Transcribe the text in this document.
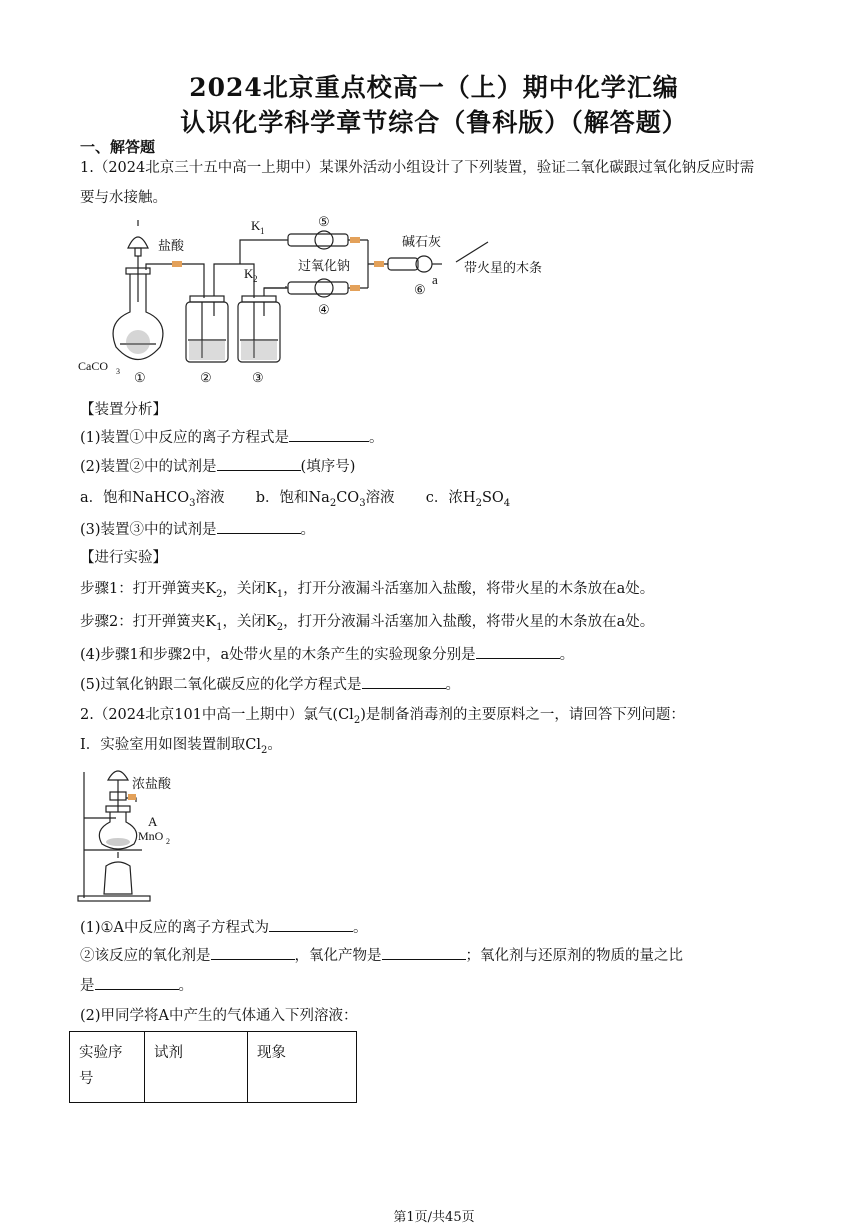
2024北京重点校高一（上）期中化学汇编
认识化学科学章节综合（鲁科版）（解答题）
一、解答题
1.（2024北京三十五中高一上期中）某课外活动小组设计了下列装置，验证二氧化碳跟过氧化钠反应时需
要与水接触。
盐酸
K 1
K 2
⑤
过氧化钠
④
碱石灰
a
⑥
带火星的木条
CaCO 3 ①	②	③
【装置分析】
(1)装置①中反应的离子方程式是	。
(2)装置②中的试剂是	(填序号)
a．饱和NaHCO$_3$溶液 b．饱和$Na_2CO_3$溶液 c．浓$H_2SO_4$
(3)装置③中的试剂是	。
【进行实验】
步骤1：打开弹簧夹$K_2$，关闭$K_1$，打开分液漏斗活塞加入盐酸，将带火星的木条放在a处。
步骤2：打开弹簧夹$K_1$，关闭$K_2$，打开分液漏斗活塞加入盐酸，将带火星的木条放在a处。
(4)步骤1和步骤2中，a处带火星的木条产生的实验现象分别是	。
(5)过氧化钠跟二氧化碳反应的化学方程式是	。
2.（2024北京101中高一上期中）氯气$(Cl_2)$是制备消毒剂的主要原料之一，请回答下列问题：
I．实验室用如图装置制取$Cl_2$。
浓盐酸
A
MnO 2
(1)①A中反应的离子方程式为	。
②该反应的氧化剂是	，氧化产物是	；氧化剂与还原剂的物质的量之比
是	。
(2)甲同学将A中产生的气体通入下列溶液：
实验序号	试剂	现象
第1页/共45页
